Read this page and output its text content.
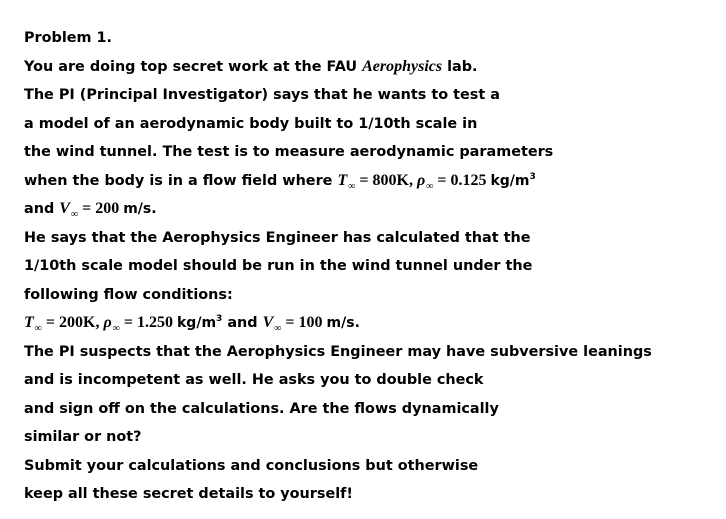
Problem 1.
You are doing top secret work at the FAU Aerophysics lab.
The PI (Principal Investigator) says that he wants to test a
a model of an aerodynamic body built to 1/10th scale in
the wind tunnel. The test is to measure aerodynamic parameters
when the body is in a flow field where $T_\infty = 800K$, $\rho_\infty = 0.125$ $kg/m^3$
and $V_\infty = 200$ m/s.
He says that the Aerophysics Engineer has calculated that the
1/10th scale model should be run in the wind tunnel under the
following flow conditions:
$T_\infty = 200K$, $\rho_\infty = 1.250$ $kg/m^3$ and $V_\infty = 100$ m/s.
The PI suspects that the Aerophysics Engineer may have subversive leanings
and is incompetent as well. He asks you to double check
and sign off on the calculations. Are the flows dynamically
similar or not?
Submit your calculations and conclusions but otherwise
keep all these secret details to yourself!
